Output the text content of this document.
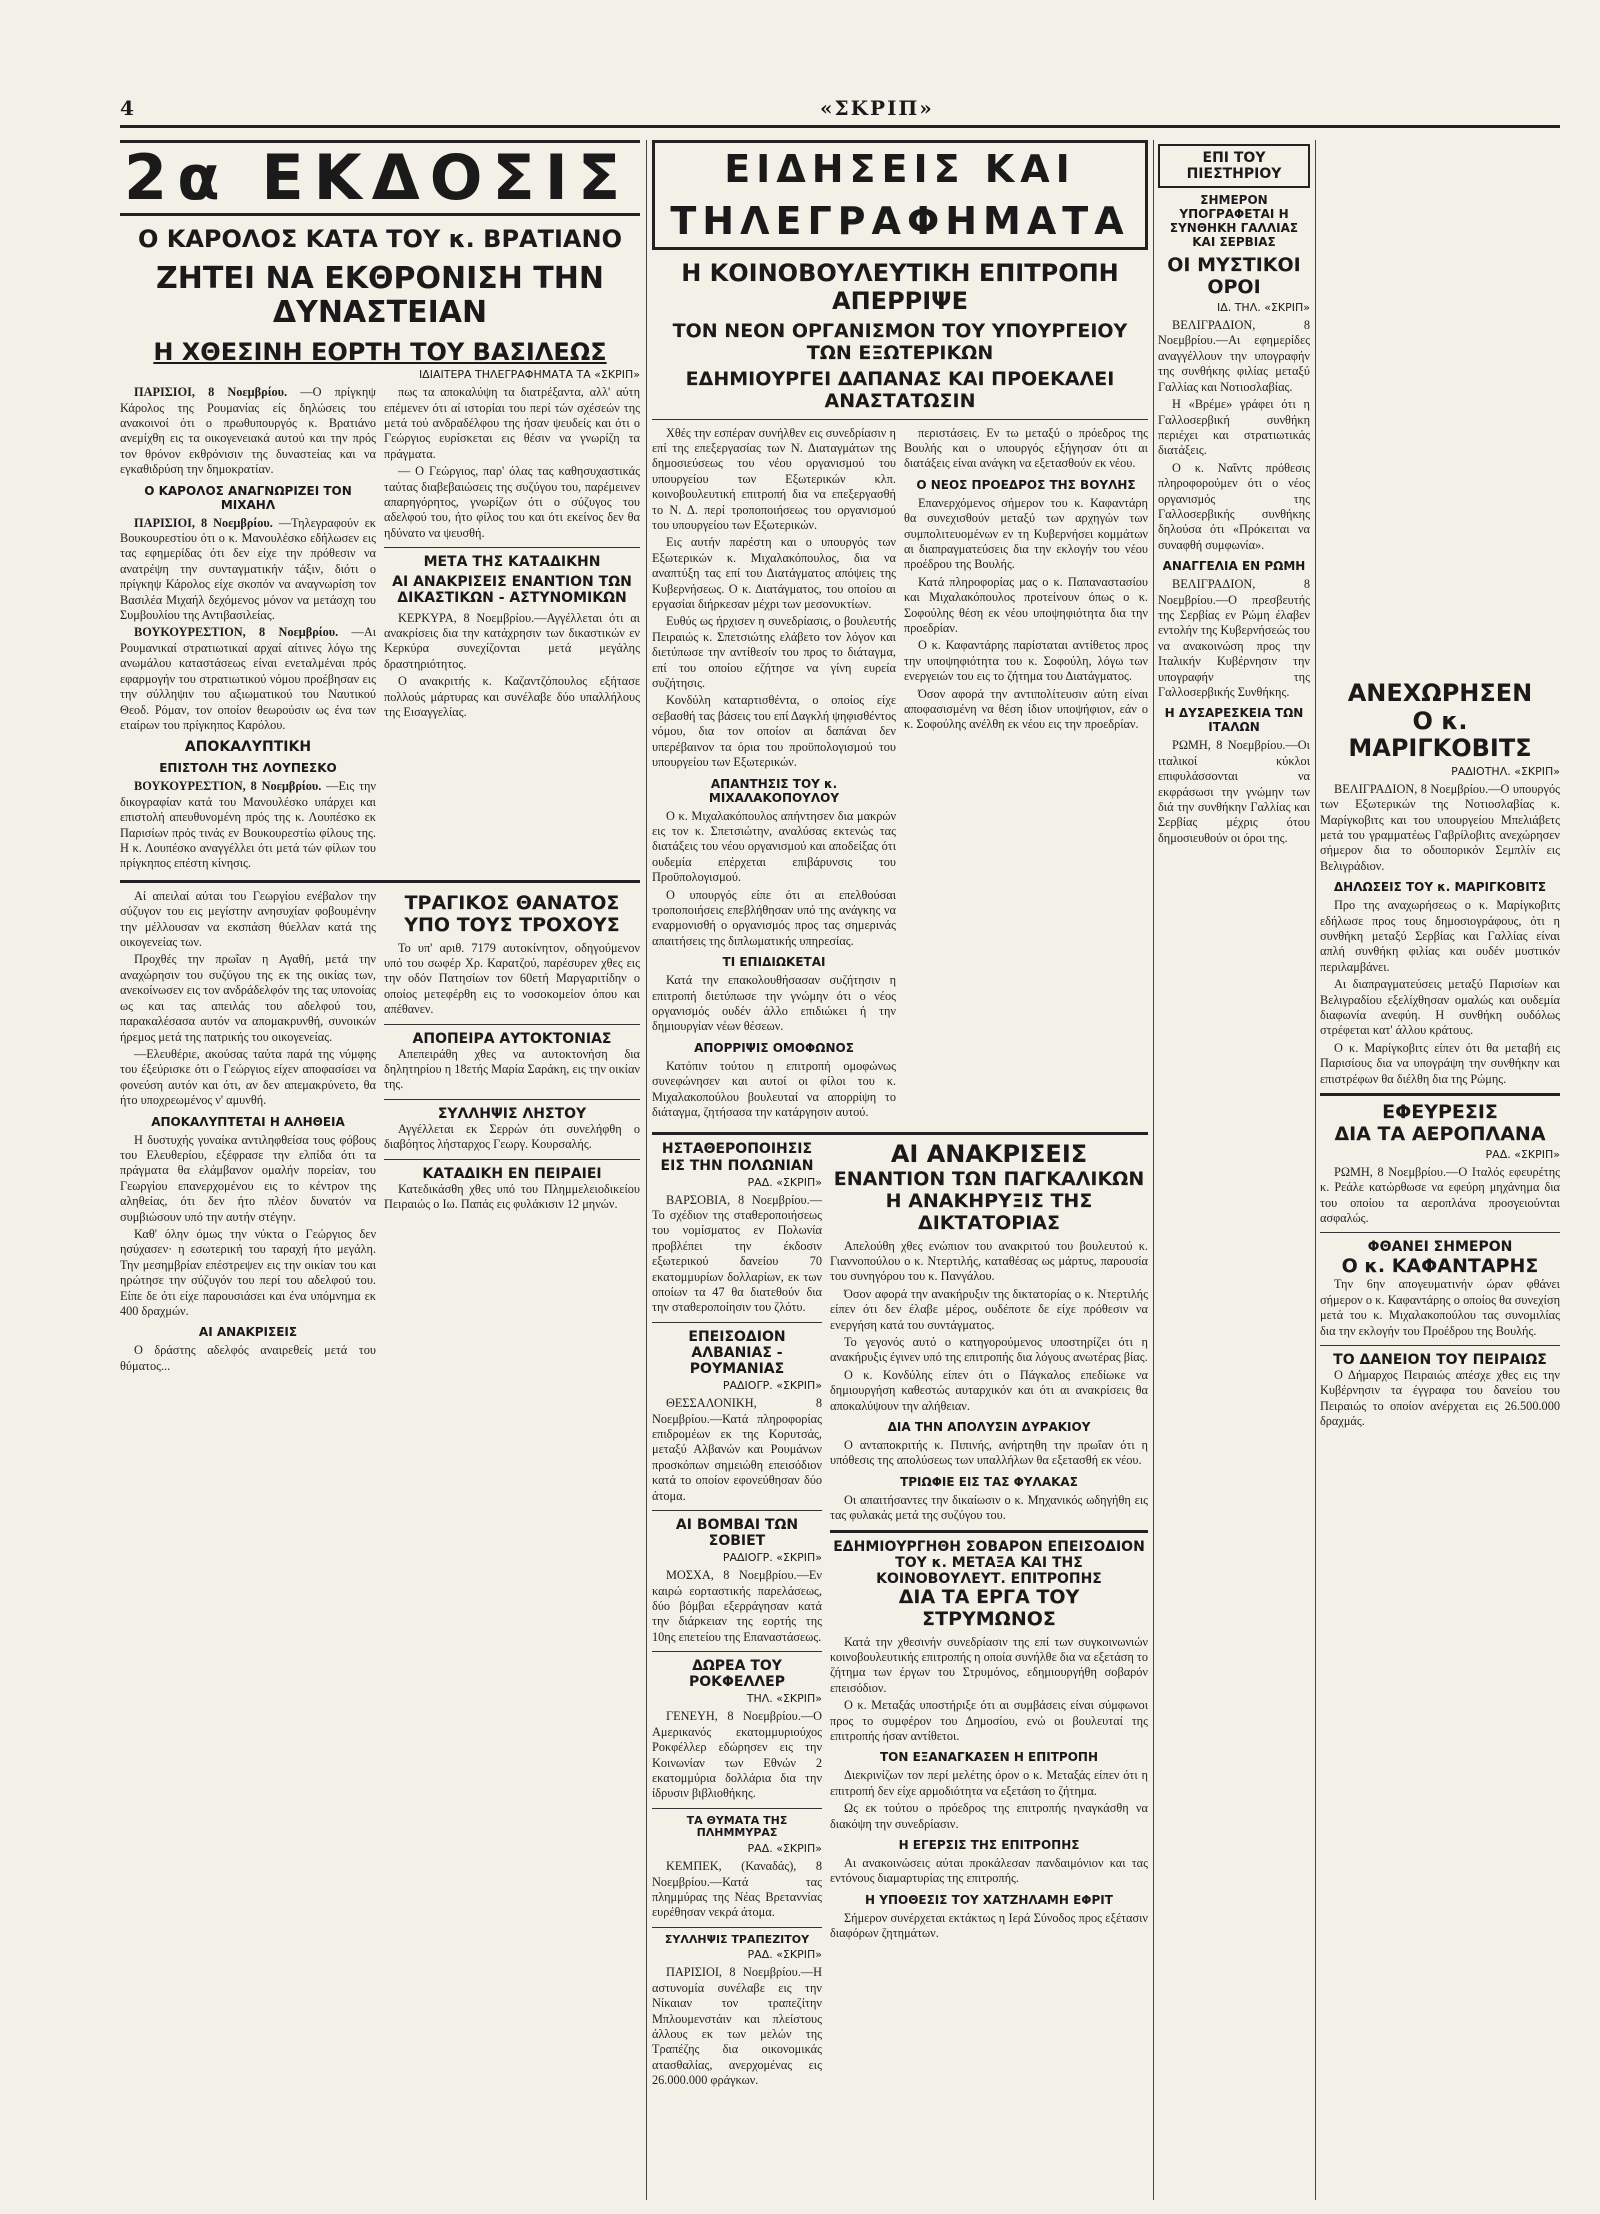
4	«ΣΚΡΙΠ»
2α ΕΚΔΟΣΙΣ
Ο ΚΑΡΟΛΟΣ ΚΑΤΑ ΤΟΥ κ. ΒΡΑΤΙΑΝΟ
ΖΗΤΕΙ ΝΑ ΕΚΘΡΟΝΙΣΗ ΤΗΝ ΔΥΝΑΣΤΕΙΑΝ
Η ΧΘΕΣΙΝΗ ΕΟΡΤΗ ΤΟΥ ΒΑΣΙΛΕΩΣ
ΙΔΙΑΙΤΕΡΑ ΤΗΛΕΓΡΑΦΗΜΑΤΑ ΤΑ «ΣΚΡΙΠ»

ΠΑΡΙΣΙΟΙ, 8 Νοεμβρίου. —Ο πρίγκηψ Κάρολος της Ρουμανίας είς δηλώσεις του ανακοινοί ότι ο πρωθυπουργός κ. Βρατιάνο ανεμίχθη εις τα οικογενειακά αυτού και την πρός τον θρόνον εκθρόνισιν της δυναστείας και να εγκαθιδρύση την δημοκρατίαν.

Ο ΚΑΡΟΛΟΣ ΑΝΑΓΝΩΡΙΖΕΙ ΤΟΝ ΜΙΧΑΗΛ

ΠΑΡΙΣΙΟΙ, 8 Νοεμβρίου. —Τηλεγραφούν εκ Βουκουρεστίου ότι ο κ. Μανουλέσκο εδήλωσεν εις τας εφημερίδας ότι δεν είχε την πρόθεσιν να ανατρέψη την συνταγματικήν τάξιν, διότι ο πρίγκηψ Κάρολος είχε σκοπόν να αναγνωρίση τον Βασιλέα Μιχαήλ δεχόμενος μόνον να μετάσχη του Συμβουλίου της Αντιβασιλείας.

ΒΟΥΚΟΥΡΕΣΤΙΟΝ, 8 Νοεμβρίου. —Αι Ρουμανικαί στρατιωτικαί αρχαί αίτινες λόγω της ανωμάλου καταστάσεως είναι ενεταλμέναι πρός εφαρμογήν του στρατιωτικού νόμου προέβησαν εις την σύλληψιν του αξιωματικού του Ναυτικού Θεοδ. Ρόμαν, τον οποίον θεωρούσιν ως ένα των εταίρων του πρίγκηπος Καρόλου.

ΑΠΟΚΑΛΥΠΤΙΚΗ
ΕΠΙΣΤΟΛΗ ΤΗΣ ΛΟΥΠΕΣΚΟ

ΒΟΥΚΟΥΡΕΣΤΙΟΝ, 8 Νοεμβρίου. —Εις την δικογραφίαν κατά του Μανουλέσκο υπάρχει και επιστολή απευθυνομένη πρός της κ. Λουπέσκο εκ Παρισίων πρός τινάς εν Βουκουρεστίω φίλους της. Η κ. Λουπέσκο αναγγέλλει ότι μετά τών φίλων του πρίγκηπος επέστη κίνησις.

πως τα αποκαλύψη τα διατρέξαντα, αλλ' αύτη επέμενεν ότι αί ιστορίαι του περί τών σχέσεών της μετά τού ανδραδέλφου της ήσαν ψευδείς και ότι ο Γεώργιος ευρίσκεται εις θέσιν να γνωρίζη τα πράγματα.

— Ο Γεώργιος, παρ' όλας τας καθησυχαστικάς ταύτας διαβεβαιώσεις της συζύγου του, παρέμεινεν απαρηγόρητος, γνωρίζων ότι ο σύζυγος του αδελφού του, ήτο φίλος του και ότι εκείνος δεν θα ηδύνατο να ψευσθή.

ΜΕΤΑ ΤΗΣ ΚΑΤΑΔΙΚΗΝ
ΑΙ ΑΝΑΚΡΙΣΕΙΣ ΕΝΑΝΤΙΟΝ ΤΩΝ ΔΙΚΑΣΤΙΚΩΝ - ΑΣΤΥΝΟΜΙΚΩΝ

ΚΕΡΚΥΡΑ, 8 Νοεμβρίου.—Αγγέλλεται ότι αι ανακρίσεις δια την κατάχρησιν των δικαστικών εν Κερκύρα συνεχίζονται μετά μεγάλης δραστηριότητος.

Ο ανακριτής κ. Καζαντζόπουλος εξήτασε πολλούς μάρτυρας και συνέλαβε δύο υπαλλήλους της Εισαγγελίας.

Αί απειλαί αύται του Γεωργίου ενέβαλον την σύζυγον του εις μεγίστην ανησυχίαν φοβουμένην την μέλλουσαν να εκσπάση θύελλαν κατά της οικογενείας των.

Προχθές την πρωΐαν η Αγαθή, μετά την αναχώρησιν του συζύγου της εκ της οικίας των, ανεκοίνωσεν εις τον ανδράδελφόν της τας υπονοίας ως και τας απειλάς του αδελφού του, παρακαλέσασα αυτόν να απομακρυνθή, συνοικών ήρεμος μετά της πατρικής του οικογενείας.

—Ελευθέριε, ακούσας ταύτα παρά της νύμφης του έξεύρισκε ότι ο Γεώργιος είχεν αποφασίσει να φονεύση αυτόν και ότι, αν δεν απεμακρύνετο, θα ήτο υποχρεωμένος ν' αμυνθή.

ΑΠΟΚΑΛΥΠΤΕΤΑΙ Η ΑΛΗΘΕΙΑ

Η δυστυχής γυναίκα αντιληφθείσα τους φόβους του Ελευθερίου, εξέφρασε την ελπίδα ότι τα πράγματα θα ελάμβανον ομαλήν πορείαν, του Γεωργίου επανερχομένου εις το κέντρον της αληθείας, ότι δεν ήτο πλέον δυνατόν να συμβιώσουν υπό την αυτήν στέγην.

Καθ' όλην όμως την νύκτα ο Γεώργιος δεν ησύχασεν· η εσωτερική του ταραχή ήτο μεγάλη. Την μεσημβρίαν επέστρεψεν εις την οικίαν του και ηρώτησε την σύζυγόν του περί του αδελφού του. Είπε δε ότι είχε παρουσιάσει και ένα υπόμνημα εκ 400 δραχμών.

ΑΙ ΑΝΑΚΡΙΣΕΙΣ

Ο δράστης αδελφός αναιρεθείς μετά του θύματος...

ΤΡΑΓΙΚΟΣ ΘΑΝΑΤΟΣ
ΥΠΟ ΤΟΥΣ ΤΡΟΧΟΥΣ

Το υπ' αριθ. 7179 αυτοκίνητον, οδηγούμενον υπό του σωφέρ Χρ. Καρατζού, παρέσυρεν χθες εις την οδόν Πατησίων τον 60ετή Μαργαριτίδην ο οποίος μετεφέρθη εις το νοσοκομείον όπου και απέθανεν.

ΑΠΟΠΕΙΡΑ ΑΥΤΟΚΤΟΝΙΑΣ

Απεπειράθη χθες να αυτοκτονήση δια δηλητηρίου η 18ετής Μαρία Σαράκη, εις την οικίαν της.

ΣΥΛΛΗΨΙΣ ΛΗΣΤΟΥ

Αγγέλλεται εκ Σερρών ότι συνελήφθη ο διαβόητος λήσταρχος Γεωργ. Κουρσαλής.

ΚΑΤΑΔΙΚΗ ΕΝ ΠΕΙΡΑΙΕΙ

Κατεδικάσθη χθες υπό του Πλημμελειοδικείου Πειραιώς ο Ιω. Παπάς εις φυλάκισιν 12 μηνών.

ΕΙΔΗΣΕΙΣ ΚΑΙ ΤΗΛΕΓΡΑΦΗΜΑΤΑ
Η ΚΟΙΝΟΒΟΥΛΕΥΤΙΚΗ ΕΠΙΤΡΟΠΗ ΑΠΕΡΡΙΨΕ
ΤΟΝ ΝΕΟΝ ΟΡΓΑΝΙΣΜΟΝ ΤΟΥ ΥΠΟΥΡΓΕΙΟΥ ΤΩΝ ΕΞΩΤΕΡΙΚΩΝ
ΕΔΗΜΙΟΥΡΓΕΙ ΔΑΠΑΝΑΣ ΚΑΙ ΠΡΟΕΚΑΛΕΙ ΑΝΑΣΤΑΤΩΣΙΝ

Χθές την εσπέραν συνήλθεν εις συνεδρίασιν η επί της επεξεργασίας των Ν. Διαταγμάτων της δημοσιεύσεως του νέου οργανισμού του υπουργείου των Εξωτερικών κλπ. κοινοβουλευτική επιτροπή δια να επεξεργασθή το Ν. Δ. περί τροποποιήσεως του οργανισμού του υπουργείου των Εξωτερικών.

Εις αυτήν παρέστη και ο υπουργός των Εξωτερικών κ. Μιχαλακόπουλος, δια να αναπτύξη τας επί του Διατάγματος απόψεις της Κυβερνήσεως. Ο κ. Διατάγματος, του οποίου αι εργασίαι διήρκεσαν μέχρι των μεσονυκτίων.

Ευθύς ως ήρχισεν η συνεδρίασις, ο βουλευτής Πειραιώς κ. Σπετσιώτης ελάβετο τον λόγον και διετύπωσε την αντίθεσίν του προς το διάταγμα, επί του οποίου εζήτησε να γίνη ευρεία συζήτησις.

Κονδύλη καταρτισθέντα, ο οποίος είχε σεβασθή τας βάσεις του επί Δαγκλή ψηφισθέντος νόμου, δια τον οποίον αι δαπάναι δεν υπερέβαινον τα όρια του προϋπολογισμού του υπουργείου των Εξωτερικών.

ΑΠΑΝΤΗΣΙΣ ΤΟΥ κ. ΜΙΧΑΛΑΚΟΠΟΥΛΟΥ

Ο κ. Μιχαλακόπουλος απήντησεν δια μακρών εις τον κ. Σπετσιώτην, αναλύσας εκτενώς τας διατάξεις του νέου οργανισμού και αποδείξας ότι ουδεμία επέρχεται επιβάρυνσις του Προϋπολογισμού.

Ο υπουργός είπε ότι αι επελθούσαι τροποποιήσεις επεβλήθησαν υπό της ανάγκης να εναρμονισθή ο οργανισμός προς τας σημερινάς απαιτήσεις της διπλωματικής υπηρεσίας.

ΤΙ ΕΠΙΔΙΩΚΕΤΑΙ

Κατά την επακολουθήσασαν συζήτησιν η επιτροπή διετύπωσε την γνώμην ότι ο νέος οργανισμός ουδέν άλλο επιδιώκει ή την δημιουργίαν νέων θέσεων.

ΑΠΟΡΡΙΨΙΣ ΟΜΟΦΩΝΟΣ

Κατόπιν τούτου η επιτροπή ομοφώνως συνεφώνησεν και αυτοί οι φίλοι του κ. Μιχαλακοπούλου βουλευταί να απορρίψη το διάταγμα, ζητήσασα την κατάργησιν αυτού.

περιστάσεις. Εν τω μεταξύ ο πρόεδρος της Βουλής και ο υπουργός εξήγησαν ότι αι διατάξεις είναι ανάγκη να εξετασθούν εκ νέου.

Ο ΝΕΟΣ ΠΡΟΕΔΡΟΣ ΤΗΣ ΒΟΥΛΗΣ

Επανερχόμενος σήμερον του κ. Καφαντάρη θα συνεχισθούν μεταξύ των αρχηγών των συμπολιτευομένων εν τη Κυβερνήσει κομμάτων αι διαπραγματεύσεις δια την εκλογήν του νέου προέδρου της Βουλής.

Κατά πληροφορίας μας ο κ. Παπαναστασίου και Μιχαλακόπουλος προτείνουν όπως ο κ. Σοφούλης θέση εκ νέου υποψηφιότητα δια την προεδρίαν.

Ο κ. Καφαντάρης παρίσταται αντίθετος προς την υποψηφιότητα του κ. Σοφούλη, λόγω των ενεργειών του εις το ζήτημα του Διατάγματος.

Όσον αφορά την αντιπολίτευσιν αύτη είναι αποφασισμένη να θέση ίδιον υποψήφιον, εάν ο κ. Σοφούλης ανέλθη εκ νέου εις την προεδρίαν.

ΗΣΤΑΘΕΡΟΠΟΙΗΣΙΣ
ΕΙΣ ΤΗΝ ΠΟΛΩΝΙΑΝ
ΡΑΔ. «ΣΚΡΙΠ»

ΒΑΡΣΟΒΙΑ, 8 Νοεμβρίου.—Το σχέδιον της σταθεροποιήσεως του νομίσματος εν Πολωνία προβλέπει την έκδοσιν εξωτερικού δανείου 70 εκατομμυρίων δολλαρίων, εκ των οποίων τα 47 θα διατεθούν δια την σταθεροποίησιν του ζλότυ.

ΕΠΕΙΣΟΔΙΟΝ
ΑΛΒΑΝΙΑΣ - ΡΟΥΜΑΝΙΑΣ
ΡΑΔΙΟΓΡ. «ΣΚΡΙΠ»

ΘΕΣΣΑΛΟΝΙΚΗ, 8 Νοεμβρίου.—Κατά πληροφορίας επιδρομέων εκ της Κορυτσάς, μεταξύ Αλβανών και Ρουμάνων προσκόπων σημειώθη επεισόδιον κατά το οποίον εφονεύθησαν δύο άτομα.

ΑΙ ΒΟΜΒΑΙ ΤΩΝ ΣΟΒΙΕΤ
ΡΑΔΙΟΓΡ. «ΣΚΡΙΠ»

ΜΟΣΧΑ, 8 Νοεμβρίου.—Εν καιρώ εορταστικής παρελάσεως, δύο βόμβαι εξερράγησαν κατά την διάρκειαν της εορτής της 10ης επετείου της Επαναστάσεως.

ΔΩΡΕΑ ΤΟΥ ΡΟΚΦΕΛΛΕΡ
ΤΗΛ. «ΣΚΡΙΠ»

ΓΕΝΕΥΗ, 8 Νοεμβρίου.—Ο Αμερικανός εκατομμυριούχος Ροκφέλλερ εδώρησεν εις την Κοινωνίαν των Εθνών 2 εκατομμύρια δολλάρια δια την ίδρυσιν βιβλιοθήκης.

ΤΑ ΘΥΜΑΤΑ ΤΗΣ ΠΛΗΜΜΥΡΑΣ
ΡΑΔ. «ΣΚΡΙΠ»

ΚΕΜΠΕΚ, (Καναδάς), 8 Νοεμβρίου.—Κατά τας πλημμύρας της Νέας Βρεταννίας ευρέθησαν νεκρά άτομα.

ΣΥΛΛΗΨΙΣ ΤΡΑΠΕΖΙΤΟΥ
ΡΑΔ. «ΣΚΡΙΠ»

ΠΑΡΙΣΙΟΙ, 8 Νοεμβρίου.—Η αστυνομία συνέλαβε εις την Νίκαιαν τον τραπεζίτην Μπλουμενστάιν και πλείστους άλλους εκ των μελών της Τραπέζης δια οικονομικάς ατασθαλίας, ανερχομένας εις 26.000.000 φράγκων.

ΑΙ ΑΝΑΚΡΙΣΕΙΣ
ΕΝΑΝΤΙΟΝ ΤΩΝ ΠΑΓΚΑΛΙΚΩΝ
Η ΑΝΑΚΗΡΥΞΙΣ ΤΗΣ ΔΙΚΤΑΤΟΡΙΑΣ

Απελούθη χθες ενώπιον του ανακριτού του βουλευτού κ. Γιαννοπούλου ο κ. Ντερτιλής, καταθέσας ως μάρτυς, παρουσία του συνηγόρου του κ. Πανγάλου.

Όσον αφορά την ανακήρυξιν της δικτατορίας ο κ. Ντερτιλής είπεν ότι δεν έλαβε μέρος, ουδέποτε δε είχε πρόθεσιν να ενεργήση κατά του συντάγματος.

Το γεγονός αυτό ο κατηγορούμενος υποστηρίζει ότι η ανακήρυξις έγινεν υπό της επιτροπής δια λόγους ανωτέρας βίας.

Ο κ. Κονδύλης είπεν ότι ο Πάγκαλος επεδίωκε να δημιουργήση καθεστώς αυταρχικόν και ότι αι ανακρίσεις θα αποκαλύψουν την αλήθειαν.

ΔΙΑ ΤΗΝ ΑΠΟΛΥΣΙΝ ΔΥΡΑΚΙΟΥ

Ο ανταποκριτής κ. Πιπινής, ανήρτηθη την πρωΐαν ότι η υπόθεσις της απολύσεως των υπαλλήλων θα εξετασθή εκ νέου.

ΤΡΙΩΦΙΕ ΕΙΣ ΤΑΣ ΦΥΛΑΚΑΣ

Οι απαιτήσαντες την δικαίωσιν ο κ. Μηχανικός ωδηγήθη εις τας φυλακάς μετά της συζύγου του.

ΕΔΗΜΙΟΥΡΓΗΘΗ ΣΟΒΑΡΟΝ ΕΠΕΙΣΟΔΙΟΝ
ΤΟΥ κ. ΜΕΤΑΞΑ ΚΑΙ ΤΗΣ ΚΟΙΝΟΒΟΥΛΕΥΤ. ΕΠΙΤΡΟΠΗΣ
ΔΙΑ ΤΑ ΕΡΓΑ ΤΟΥ ΣΤΡΥΜΩΝΟΣ

Κατά την χθεσινήν συνεδρίασιν της επί των συγκοινωνιών κοινοβουλευτικής επιτροπής η οποία συνήλθε δια να εξετάση το ζήτημα των έργων του Στρυμόνος, εδημιουργήθη σοβαρόν επεισόδιον.

Ο κ. Μεταξάς υποστήριξε ότι αι συμβάσεις είναι σύμφωνοι προς το συμφέρον του Δημοσίου, ενώ οι βουλευταί της επιτροπής ήσαν αντίθετοι.

ΤΟΝ ΕΞΑΝΑΓΚΑΣΕΝ Η ΕΠΙΤΡΟΠΗ

Διεκρινίζων τον περί μελέτης όρον ο κ. Μεταξάς είπεν ότι η επιτροπή δεν είχε αρμοδιότητα να εξετάση το ζήτημα.

Ως εκ τούτου ο πρόεδρος της επιτροπής ηναγκάσθη να διακόψη την συνεδρίασιν.

Η ΕΓΕΡΣΙΣ ΤΗΣ ΕΠΙΤΡΟΠΗΣ

Αι ανακοινώσεις αύται προκάλεσαν πανδαιμόνιον και τας εντόνους διαμαρτυρίας της επιτροπής.

Η ΥΠΟΘΕΣΙΣ ΤΟΥ ΧΑΤΖΗΛΑΜΗ ΕΦΡΙΤ

Σήμερον συνέρχεται εκτάκτως η Ιερά Σύνοδος προς εξέτασιν διαφόρων ζητημάτων.

ΕΠΙ ΤΟΥ ΠΙΕΣΤΗΡΙΟΥ
ΣΗΜΕΡΟΝ ΥΠΟΓΡΑΦΕΤΑΙ Η ΣΥΝΘΗΚΗ ΓΑΛΛΙΑΣ ΚΑΙ ΣΕΡΒΙΑΣ
ΟΙ ΜΥΣΤΙΚΟΙ ΟΡΟΙ
ΙΔ. ΤΗΛ. «ΣΚΡΙΠ»

ΒΕΛΙΓΡΑΔΙΟΝ, 8 Νοεμβρίου.—Αι εφημερίδες αναγγέλλουν την υπογραφήν της συνθήκης φιλίας μεταξύ Γαλλίας και Νοτιοσλαβίας.

Η «Βρέμε» γράφει ότι η Γαλλοσερβική συνθήκη περιέχει και στρατιωτικάς διατάξεις.

Ο κ. Ναΐντς πρόθεσις πληροφορούμεν ότι ο νέος οργανισμός της Γαλλοσερβικής συνθήκης δηλούσα ότι «Πρόκειται να συναφθή συμφωνία».

ΑΝΑΓΓΕΛΙΑ ΕΝ ΡΩΜΗ

ΒΕΛΙΓΡΑΔΙΟΝ, 8 Νοεμβρίου.—Ο πρεσβευτής της Σερβίας εν Ρώμη έλαβεν εντολήν της Κυβερνήσεώς του να ανακοινώση προς την Ιταλικήν Κυβέρνησιν την υπογραφήν της Γαλλοσερβικής Συνθήκης.

Η ΔΥΣΑΡΕΣΚΕΙΑ ΤΩΝ ΙΤΑΛΩΝ

ΡΩΜΗ, 8 Νοεμβρίου.—Οι ιταλικοί κύκλοι επιφυλάσσονται να εκφράσωσι την γνώμην των διά την συνθήκην Γαλλίας και Σερβίας μέχρις ότου δημοσιευθούν οι όροι της.

ΑΝΕΧΩΡΗΣΕΝ
Ο κ. ΜΑΡΙΓΚΟΒΙΤΣ
ΡΑΔΙΟΤΗΛ. «ΣΚΡΙΠ»

ΒΕΛΙΓΡΑΔΙΟΝ, 8 Νοεμβρίου.—Ο υπουργός των Εξωτερικών της Νοτιοσλαβίας κ. Μαρίγκοβιτς και του υπουργείου Μπελιάβετς μετά του γραμματέως Γαβρίλοβιτς ανεχώρησεν σήμερον δια το οδοιπορικόν Σεμπλίν εις Βελιγράδιον.

ΔΗΛΩΣΕΙΣ ΤΟΥ κ. ΜΑΡΙΓΚΟΒΙΤΣ

Προ της αναχωρήσεως ο κ. Μαρίγκοβιτς εδήλωσε προς τους δημοσιογράφους, ότι η συνθήκη μεταξύ Σερβίας και Γαλλίας είναι απλή συνθήκη φιλίας και ουδέν μυστικόν περιλαμβάνει.

Αι διαπραγματεύσεις μεταξύ Παρισίων και Βελιγραδίου εξελίχθησαν ομαλώς και ουδεμία διαφωνία ανεφύη. Η συνθήκη ουδόλως στρέφεται κατ' άλλου κράτους.

Ο κ. Μαρίγκοβιτς είπεν ότι θα μεταβή εις Παρισίους δια να υπογράψη την συνθήκην και επιστρέφων θα διέλθη δια της Ρώμης.

ΕΦΕΥΡΕΣΙΣ
ΔΙΑ ΤΑ ΑΕΡΟΠΛΑΝΑ
ΡΑΔ. «ΣΚΡΙΠ»

ΡΩΜΗ, 8 Νοεμβρίου.—Ο Ιταλός εφευρέτης κ. Ρεάλε κατώρθωσε να εφεύρη μηχάνημα δια του οποίου τα αεροπλάνα προσγειούνται ασφαλώς.

ΦΘΑΝΕΙ ΣΗΜΕΡΟΝ
Ο κ. ΚΑΦΑΝΤΑΡΗΣ

Την 6ην απογευματινήν ώραν φθάνει σήμερον ο κ. Καφαντάρης ο οποίος θα συνεχίση μετά του κ. Μιχαλακοπούλου τας συνομιλίας δια την εκλογήν του Προέδρου της Βουλής.

ΤΟ ΔΑΝΕΙΟΝ ΤΟΥ ΠΕΙΡΑΙΩΣ

Ο Δήμαρχος Πειραιώς απέσχε χθες εις την Κυβέρνησιν τα έγγραφα του δανείου του Πειραιώς το οποίον ανέρχεται εις 26.500.000 δραχμάς.
